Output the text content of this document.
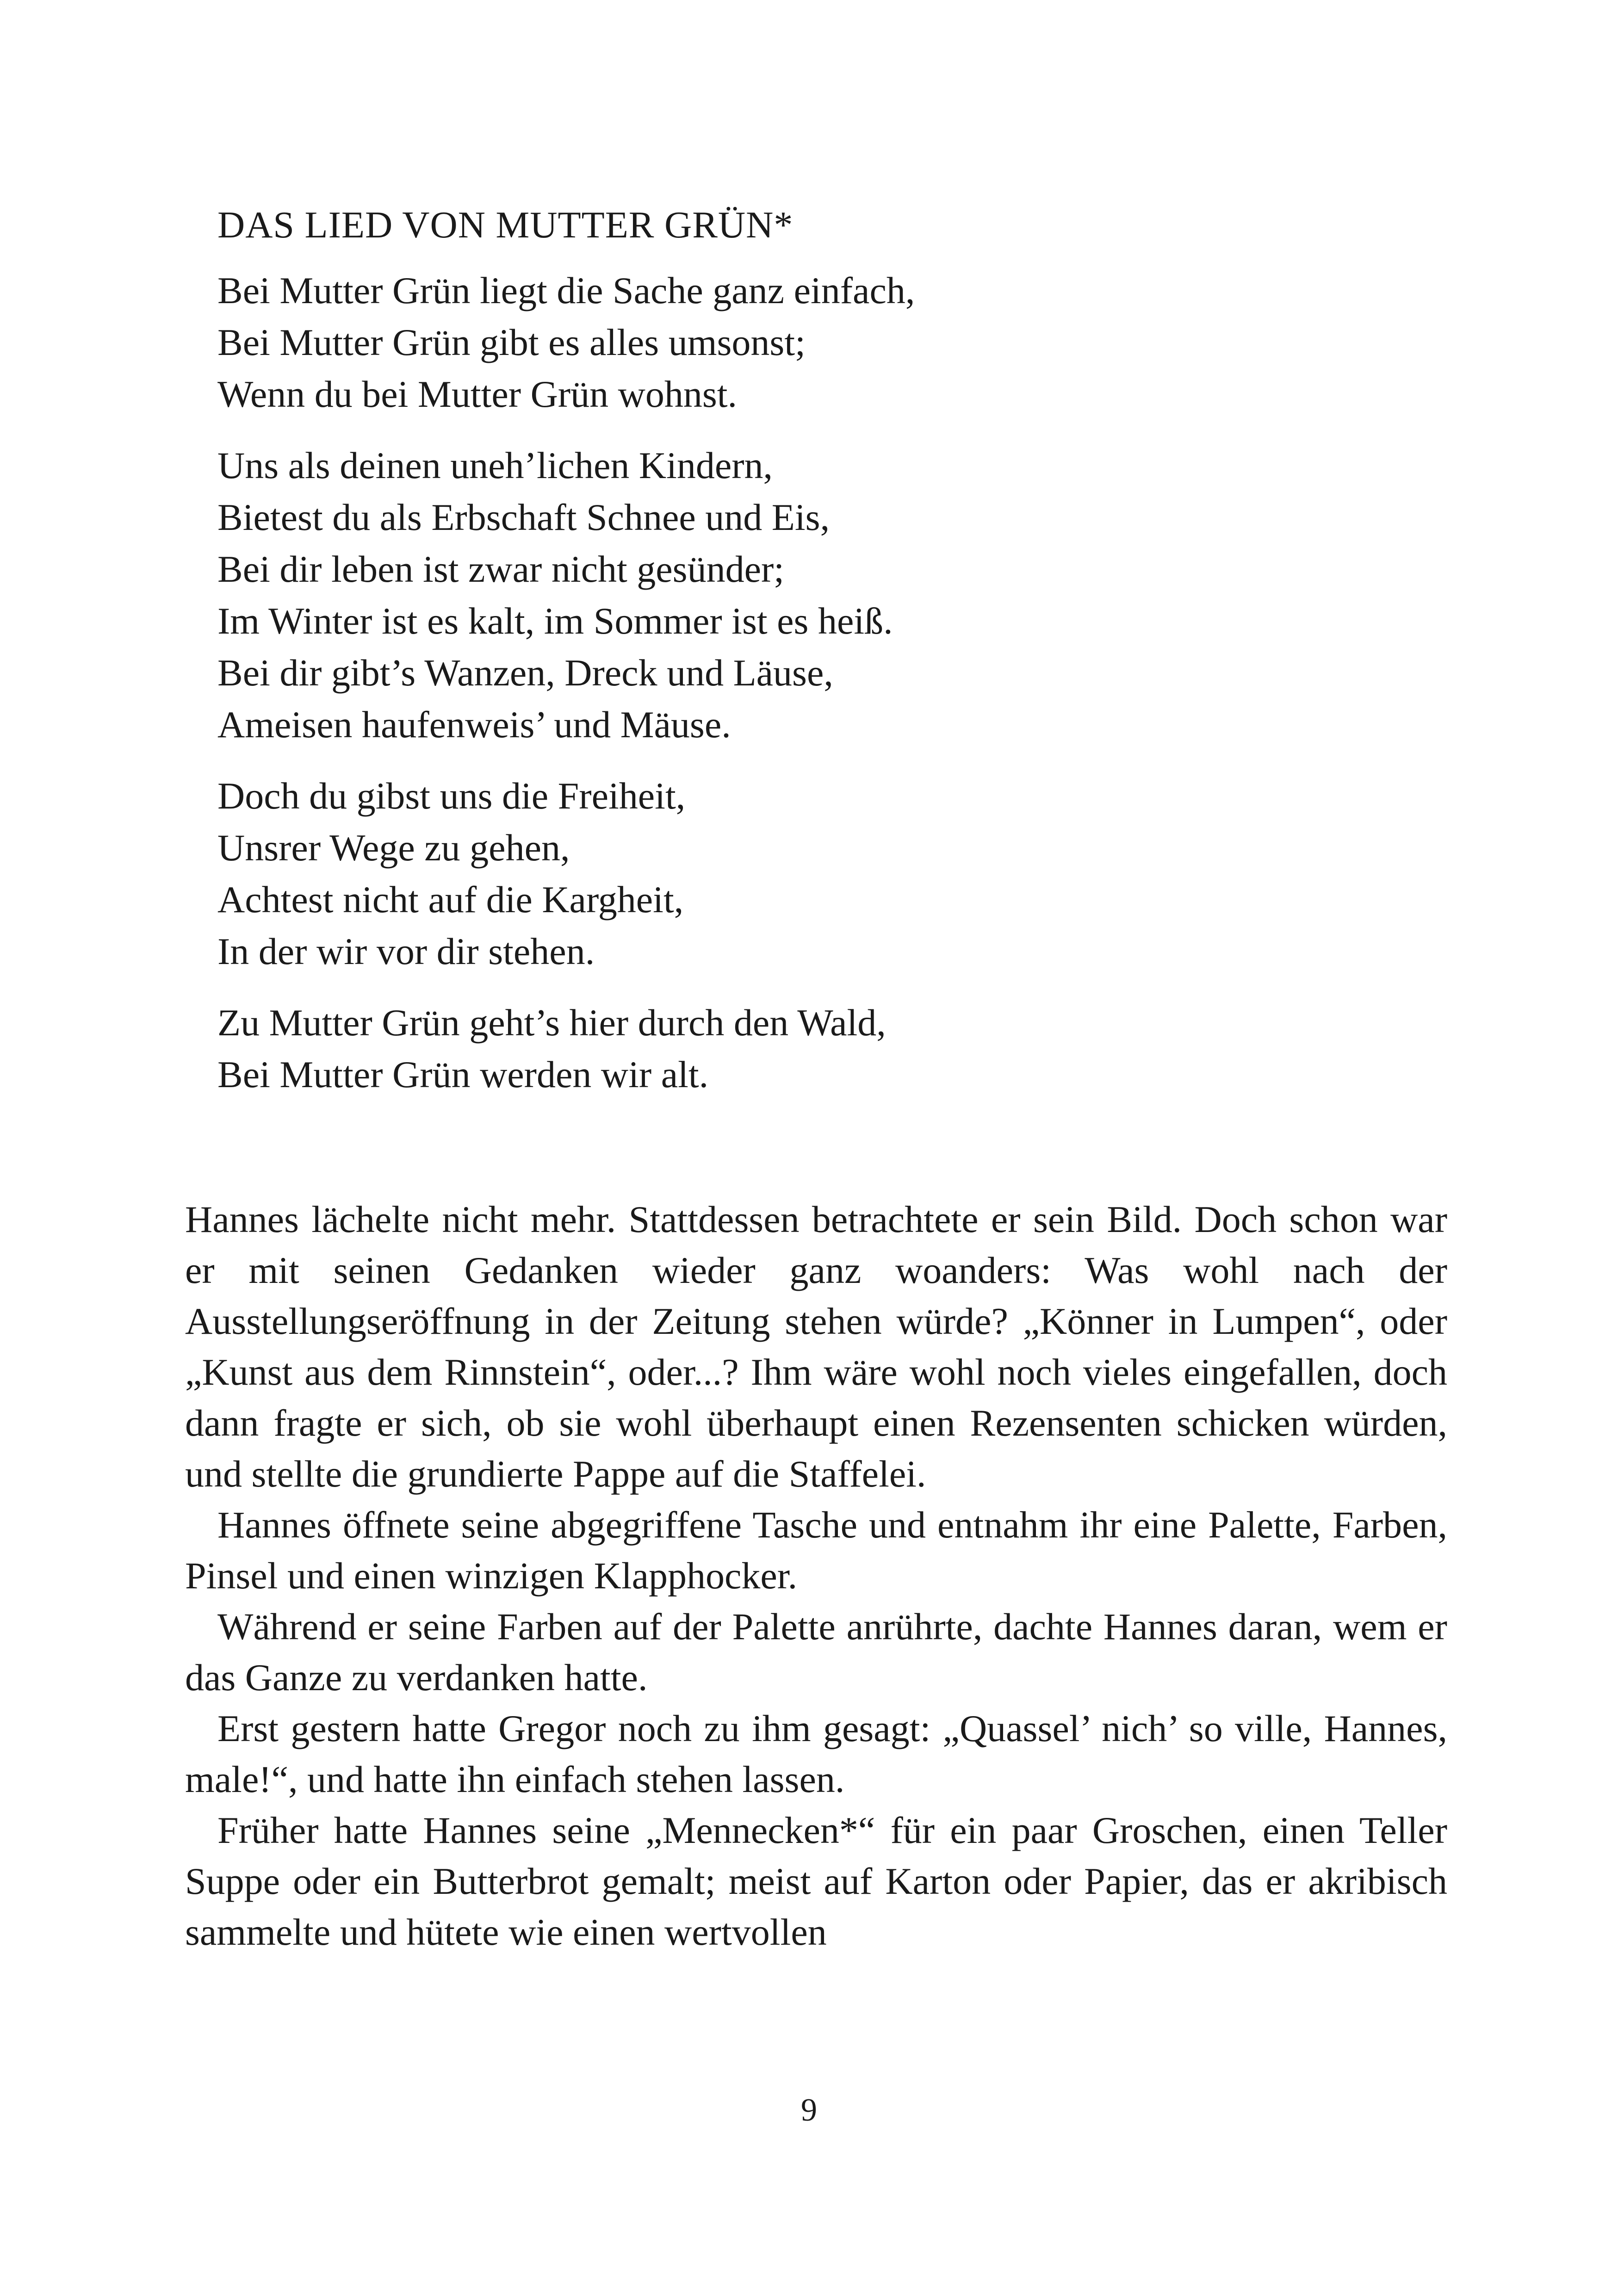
DAS LIED VON MUTTER GRÜN*
Bei Mutter Grün liegt die Sache ganz einfach,
Bei Mutter Grün gibt es alles umsonst;
Wenn du bei Mutter Grün wohnst.
Uns als deinen uneh’lichen Kindern,
Bietest du als Erbschaft Schnee und Eis,
Bei dir leben ist zwar nicht gesünder;
Im Winter ist es kalt, im Sommer ist es heiß.
Bei dir gibt’s Wanzen, Dreck und Läuse,
Ameisen haufenweis’ und Mäuse.
Doch du gibst uns die Freiheit,
Unsrer Wege zu gehen,
Achtest nicht auf die Kargheit,
In der wir vor dir stehen.
Zu Mutter Grün geht’s hier durch den Wald,
Bei Mutter Grün werden wir alt.

Hannes lächelte nicht mehr. Stattdessen betrachtete er sein Bild. Doch schon war er mit seinen Gedanken wieder ganz woanders: Was wohl nach der Ausstellungseröffnung in der Zeitung stehen würde? „Könner in Lumpen“, oder „Kunst aus dem Rinnstein“, oder...? Ihm wäre wohl noch vieles eingefallen, doch dann fragte er sich, ob sie wohl überhaupt einen Rezensenten schicken würden, und stellte die grundierte Pappe auf die Staffelei.

Hannes öffnete seine abgegriffene Tasche und entnahm ihr eine Palette, Farben, Pinsel und einen winzigen Klapphocker.

Während er seine Farben auf der Palette anrührte, dachte Hannes daran, wem er das Ganze zu verdanken hatte.

Erst gestern hatte Gregor noch zu ihm gesagt: „Quassel’ nich’ so ville, Hannes, male!“, und hatte ihn einfach stehen lassen.

Früher hatte Hannes seine „Mennecken*“ für ein paar Groschen, einen Teller Suppe oder ein Butterbrot gemalt; meist auf Karton oder Papier, das er akribisch sammelte und hütete wie einen wertvollen

9
